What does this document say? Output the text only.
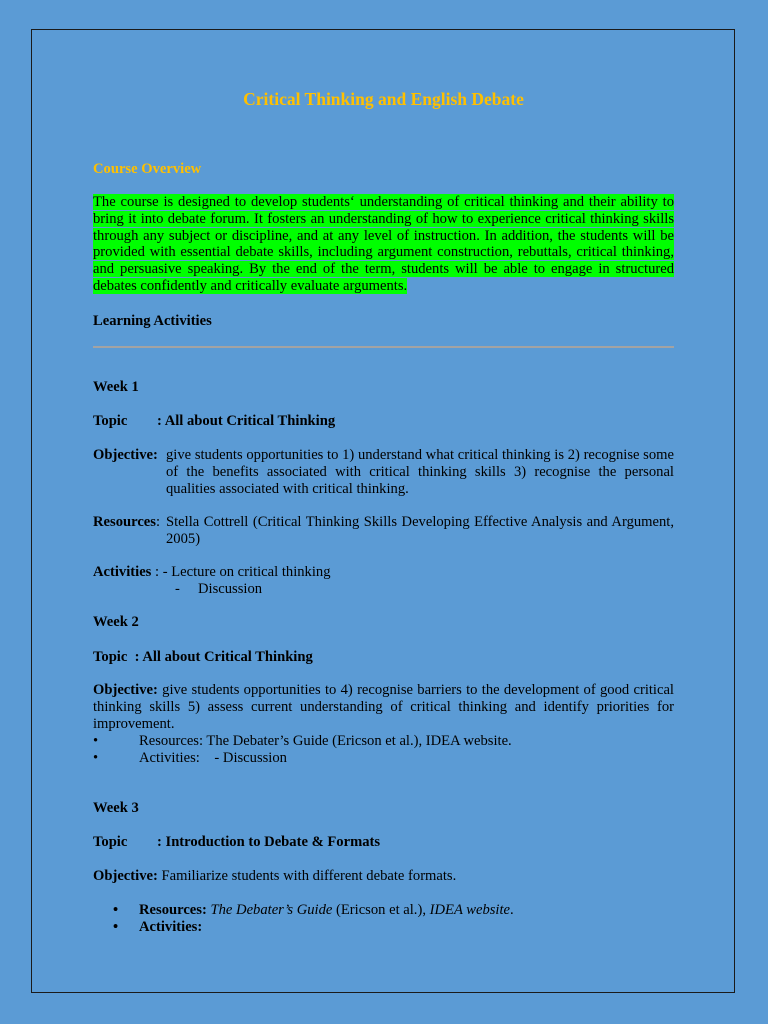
Critical Thinking and English Debate
Course Overview
The course is designed to develop students‘ understanding of critical thinking and their ability to bring it into debate forum. It fosters an understanding of how to experience critical thinking skills through any subject or discipline, and at any level of instruction. In addition, the students will be provided with essential debate skills, including argument construction, rebuttals, critical thinking, and persuasive speaking. By the end of the term, students will be able to engage in structured debates confidently and critically evaluate arguments.
Learning Activities
Week 1
Topic : All about Critical Thinking
Objective: give students opportunities to 1) understand what critical thinking is 2) recognise some of the benefits associated with critical thinking skills 3) recognise the personal qualities associated with critical thinking.
Resources: Stella Cottrell (Critical Thinking Skills Developing Effective Analysis and Argument, 2005)
Activities : - Lecture on critical thinking
- Discussion
Week 2
Topic  : All about Critical Thinking
Objective: give students opportunities to 4) recognise barriers to the development of good critical thinking skills 5) assess current understanding of critical thinking and identify priorities for improvement.
•	Resources: The Debater’s Guide (Ericson et al.), IDEA website.
•	Activities:    - Discussion
Week 3
Topic : Introduction to Debate & Formats
Objective: Familiarize students with different debate formats.
•	Resources: The Debater’s Guide (Ericson et al.), IDEA website.
•	Activities:
